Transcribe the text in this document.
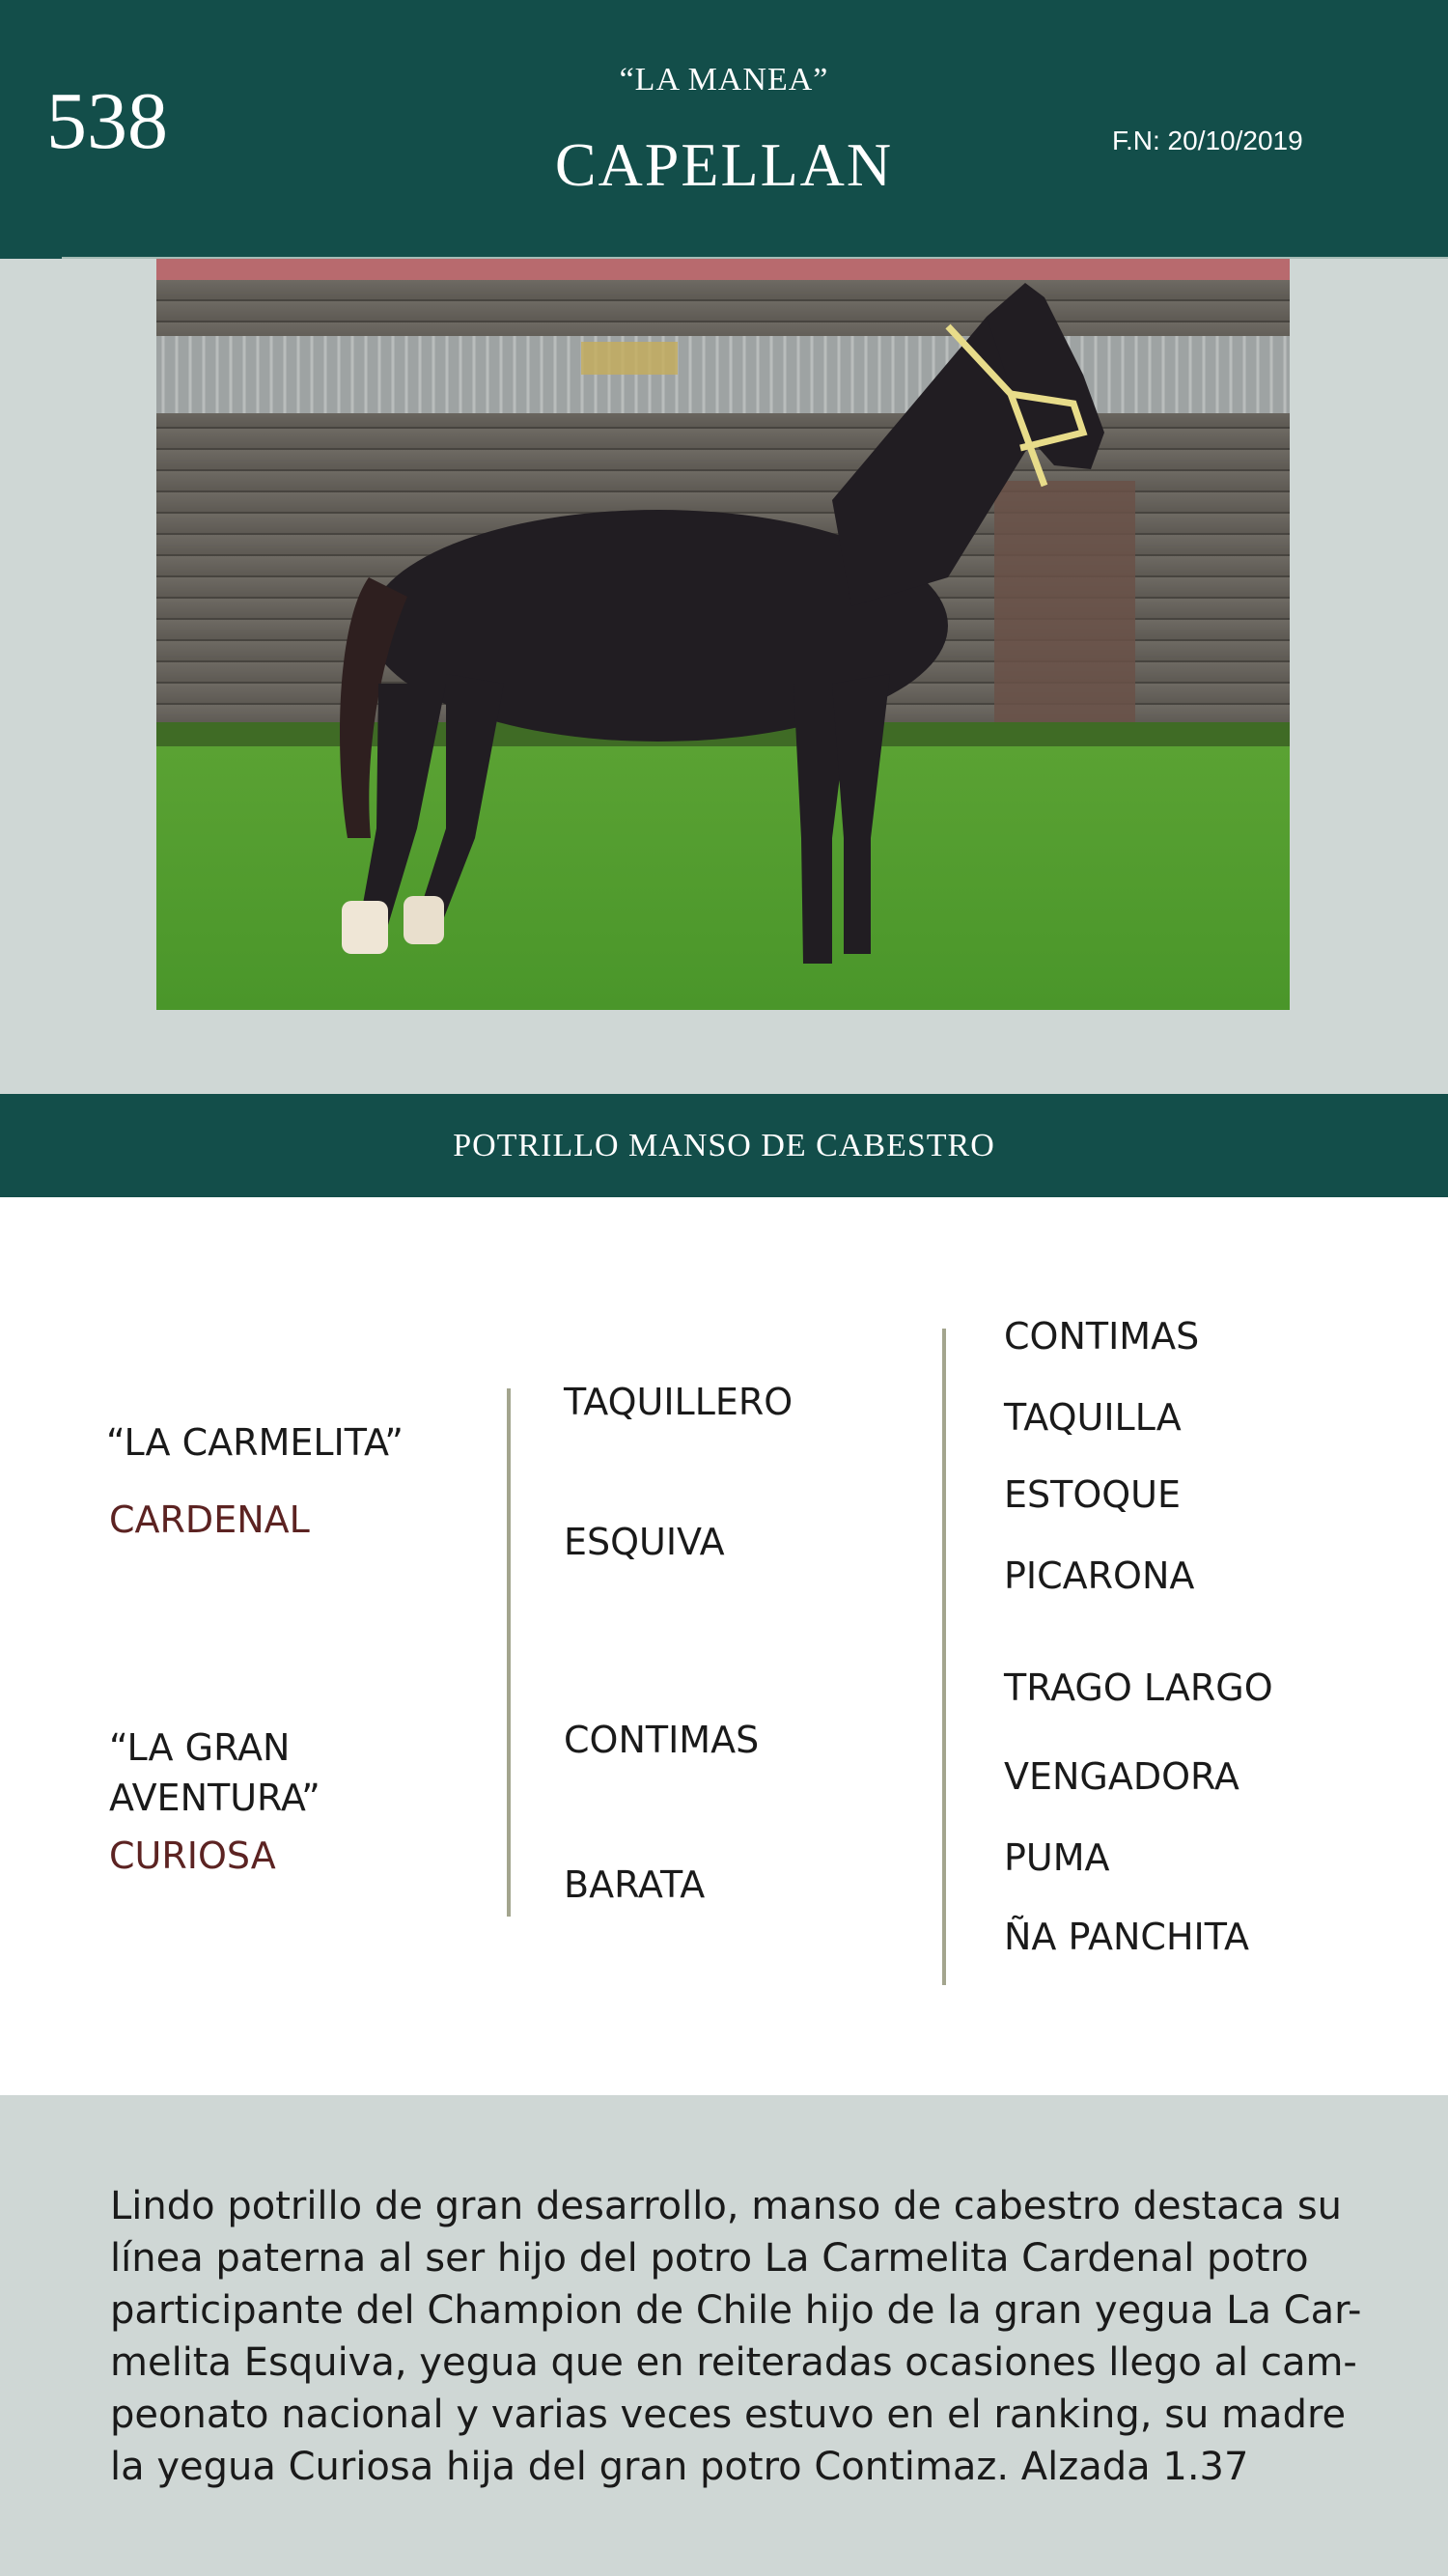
538	“LA MANEA”
CAPELLAN	F.N: 20/10/2019
POTRILLO MANSO DE CABESTRO
“LA CARMELITA”
CARDENAL
“LA GRAN
AVENTURA”
CURIOSA
TAQUILLERO
ESQUIVA
CONTIMAS
BARATA
CONTIMAS
TAQUILLA
ESTOQUE
PICARONA
TRAGO LARGO
VENGADORA
PUMA
ÑA PANCHITA
Lindo potrillo de gran desarrollo, manso de cabestro destaca su
línea paterna al ser hijo del potro La Carmelita Cardenal potro
participante del Champion de Chile hijo de la gran yegua La Car-
melita Esquiva, yegua que en reiteradas ocasiones llego al cam-
peonato nacional y varias veces estuvo en el ranking, su madre
la yegua Curiosa hija del gran potro Contimaz. Alzada 1.37
